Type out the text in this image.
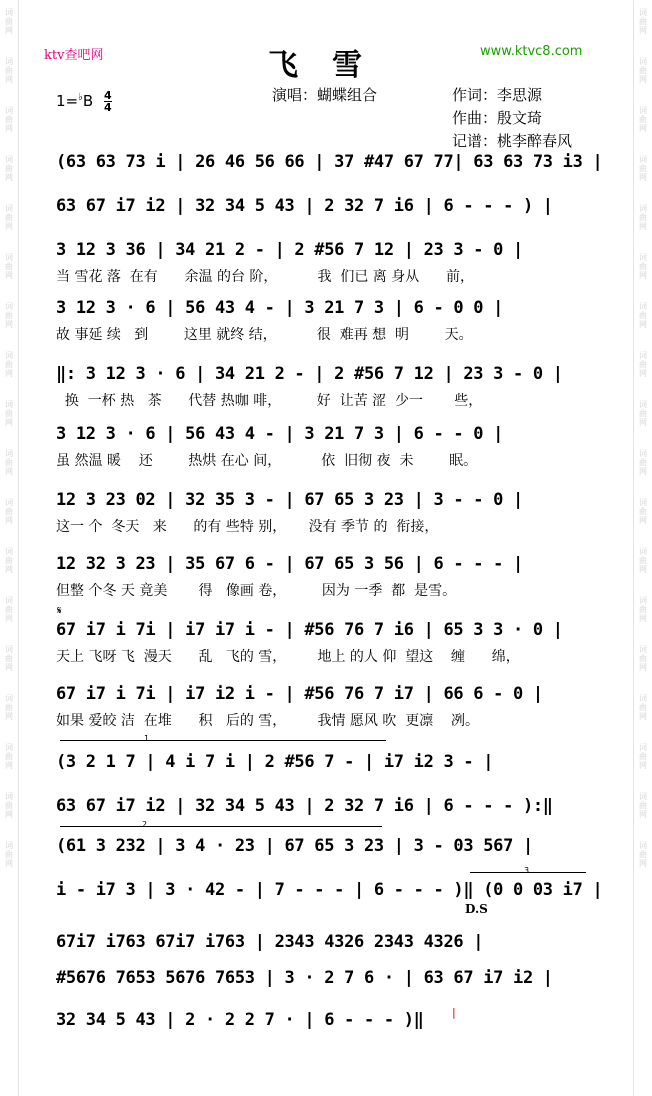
词
曲
网
词
曲
网
词
曲
网
词
曲
网
词
曲
网
词
曲
网
词
曲
网
词
曲
网
词
曲
网
词
曲
网
词
曲
网
词
曲
网
词
曲
网
词
曲
网
词
曲
网
词
曲
网
词
曲
网
词
曲
网
词
曲
网
词
曲
网
词
曲
网
词
曲
网
词
曲
网
词
曲
网
词
曲
网
词
曲
网
词
曲
网
词
曲
网
词
曲
网
词
曲
网
词
曲
网
词
曲
网
词
曲
网
词
曲
网
词
曲
网
词
曲
网
ktv查吧网	飞雪	www.ktvc8.com
演唱：蝴蝶组合	作词：李思源
作曲：殷文琦
记谱：桃李醉春风
1=♭B 4
4
(63 63 73 i | 26 46 56 66 | 37 #47 67 77| 63 63 73 i3 |
63 67 i7 i2 | 32 34 5 43 | 2 32 7 i6 | 6 - - - ) |
3 12 3 36 | 34 21 2 - | 2 #56 7 12 | 23 3 - 0 |
当 雪花 落  在有      余温 的台 阶，         我  们已 离 身从      前，
3 12 3 · 6 | 56 43 4 - | 3 21 7 3 | 6 - 0 0 |
故 事延 续   到        这里 就终 结，         很  难再 想  明        天。
‖: 3 12 3 · 6 | 34 21 2 - | 2 #56 7 12 | 23 3 - 0 |
换  一杯 热   茶      代替 热咖 啡，        好  让苦 涩  少一       些，
3 12 3 · 6 | 56 43 4 - | 3 21 7 3 | 6 - - 0 |
虽 然温 暖    还        热烘 在心 间，         依  旧彻 夜  未        眠。
12 3 23 02 | 32 35 3 - | 67 65 3 23 | 3 - - 0 |
这一 个  冬天   来      的有 些特 别，     没有 季节 的  衔接，
12 32 3 23 | 35 67 6 - | 67 65 3 56 | 6 - - - |
但整 个冬 天 竟美       得   像画 卷，        因为 一季  都  是雪。
𝄋
67 i7 i 7i | i7 i7 i - | #56 76 7 i6 | 65 3 3 · 0 |
天上 飞呀 飞  漫天      乱   飞的 雪，       地上 的人 仰  望这    缠      绵，
67 i7 i 7i | i7 i2 i - | #56 76 7 i7 | 66 6 - 0 |
如果 爱皎 洁  在堆      积   后的 雪，       我情 愿风 吹  更凛    冽。
1
(3 2 1 7 | 4 i 7 i | 2 #56 7 - | i7 i2 3 - |
63 67 i7 i2 | 32 34 5 43 | 2 32 7 i6 | 6 - - - ):‖
2
(61 3 232 | 3 4 · 23 | 67 65 3 23 | 3 - 03 567 |
3
i - i7 3 | 3 · 42 - | 7 - - - | 6 - - - )‖ (0 0 03 i7 |
D.S
67i7 i763 67i7 i763 | 2343 4326 2343 4326 |
#5676 7653 5676 7653 | 3 · 2 7 6 · | 63 67 i7 i2 |
32 34 5 43 | 2 · 2 2 7 · | 6 - - - )‖	|
